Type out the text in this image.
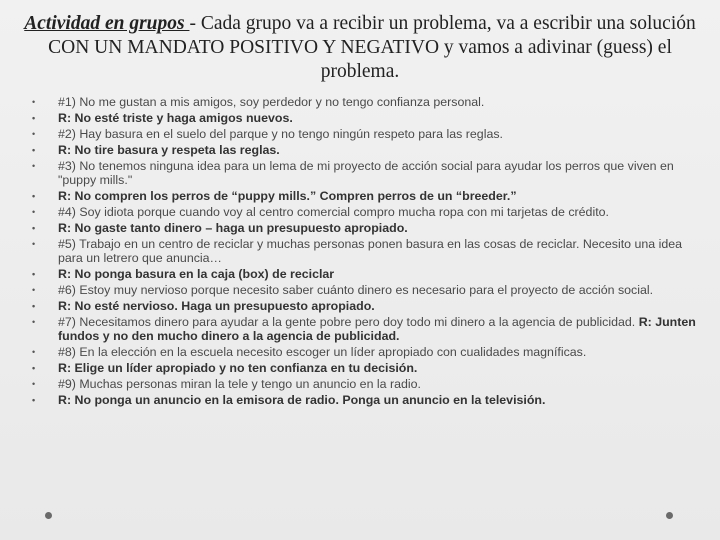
Actividad en grupos - Cada grupo va a recibir un problema, va a escribir una solución CON UN MANDATO POSITIVO Y NEGATIVO y vamos a adivinar (guess) el problema.
• #1) No me gustan a mis amigos, soy perdedor y no tengo confianza personal.
• R: No esté triste y haga amigos nuevos.
• #2) Hay basura en el suelo del parque y no tengo ningún respeto para las reglas.
• R: No tire basura y respeta las reglas.
• #3) No tenemos ninguna idea para un lema de mi proyecto de acción social para ayudar los perros que viven en "puppy mills."
• R: No compren los perros de “puppy mills.” Compren perros de un “breeder.”
• #4) Soy idiota porque cuando voy al centro comercial compro mucha ropa con mi tarjetas de crédito.
• R: No gaste tanto dinero – haga un presupuesto apropiado.
• #5) Trabajo en un centro de reciclar y muchas personas ponen basura en las cosas de reciclar. Necesito una idea para un letrero que anuncia…
• R: No ponga basura en la caja (box) de reciclar
• #6) Estoy muy nervioso porque necesito saber cuánto dinero es necesario para el proyecto de acción social.
• R: No esté nervioso. Haga un presupuesto apropiado.
• #7) Necesitamos dinero para ayudar a la gente pobre pero doy todo mi dinero a la agencia de publicidad. R: Junten fundos y no den mucho dinero a la agencia de publicidad.
• #8) En la elección en la escuela necesito escoger un líder apropiado con cualidades magníficas.
• R: Elige un líder apropiado y no ten confianza en tu decisión.
• #9) Muchas personas miran la tele y tengo un anuncio en la radio.
• R: No ponga un anuncio en la emisora de radio. Ponga un anuncio en la televisión.
